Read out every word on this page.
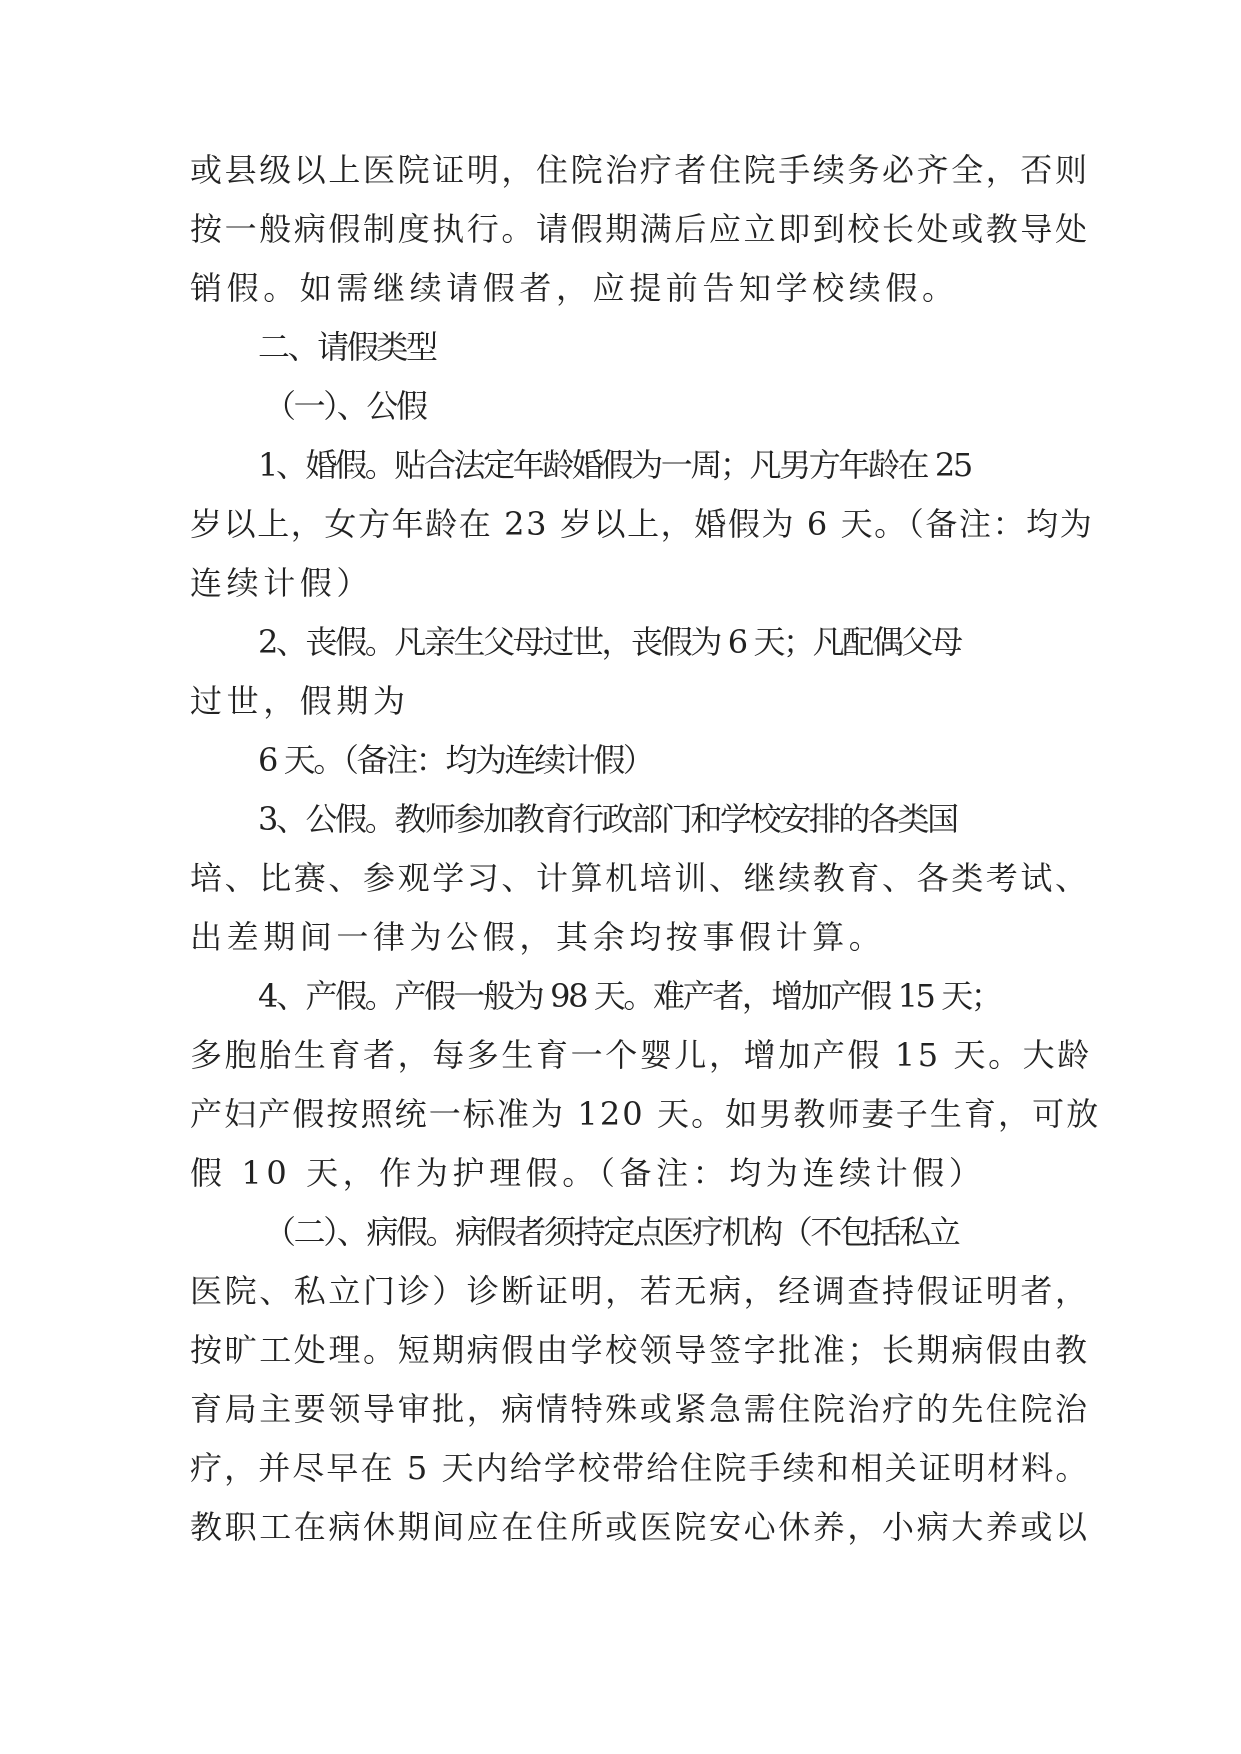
或县级以上医院证明，住院治疗者住院手续务必齐全，否则
按一般病假制度执行。请假期满后应立即到校长处或教导处
销假。如需继续请假者，应提前告知学校续假。
二、请假类型
（一）、公假
1、婚假。贴合法定年龄婚假为一周；凡男方年龄在 25
岁以上，女方年龄在 23 岁以上，婚假为 6 天。（备注：均为
连续计假）
2、丧假。凡亲生父母过世，丧假为 6 天；凡配偶父母
过世，假期为
6 天。（备注：均为连续计假）
3、公假。教师参加教育行政部门和学校安排的各类国
培、比赛、参观学习、计算机培训、继续教育、各类考试、
出差期间一律为公假，其余均按事假计算。
4、产假。产假一般为 98 天。难产者，增加产假 15 天；
多胞胎生育者，每多生育一个婴儿，增加产假 15 天。大龄
产妇产假按照统一标准为 120 天。如男教师妻子生育，可放
假 10 天，作为护理假。（备注：均为连续计假）
（二）、病假。病假者须持定点医疗机构（不包括私立
医院、私立门诊）诊断证明，若无病，经调查持假证明者，
按旷工处理。短期病假由学校领导签字批准；长期病假由教
育局主要领导审批，病情特殊或紧急需住院治疗的先住院治
疗，并尽早在 5 天内给学校带给住院手续和相关证明材料。
教职工在病休期间应在住所或医院安心休养，小病大养或以
